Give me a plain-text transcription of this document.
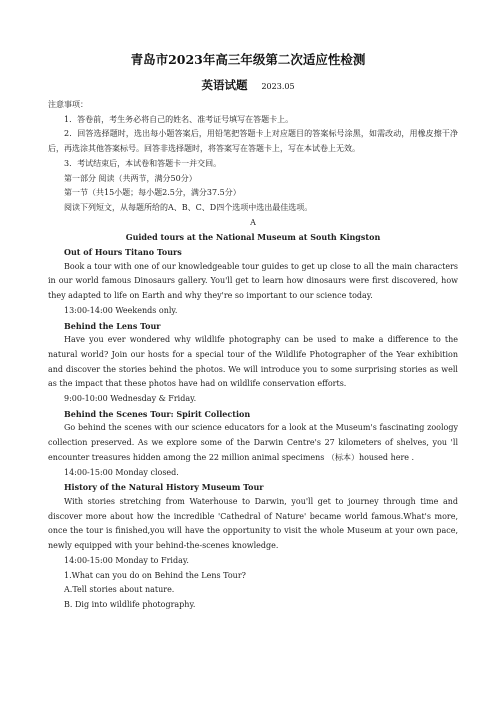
青岛市2023年高三年级第二次适应性检测
英语试题 2023.05

注意事项：

1．答卷前，考生务必将自己的姓名、准考证号填写在答题卡上。

2．回答选择题时，选出每小题答案后，用铅笔把答题卡上对应题目的答案标号涂黑，如需改动，用橡皮擦干净后，再选涂其他答案标号。回答非选择题时，将答案写在答题卡上，写在本试卷上无效。

3．考试结束后，本试卷和答题卡一并交回。

第一部分 阅读（共两节，满分50分）

第一节（共15小题；每小题2.5分，满分37.5分）

阅读下列短文，从每题所给的A、B、C、D四个选项中选出最佳选项。

A

Guided tours at the National Museum at South Kingston

Out of Hours Titano Tours

Book a tour with one of our knowledgeable tour guides to get up close to all the main characters in our world famous Dinosaurs gallery. You'll get to learn how dinosaurs were first discovered, how they adapted to life on Earth and why they're so important to our science today.

13:00-14:00 Weekends only.

Behind the Lens Tour

Have you ever wondered why wildlife photography can be used to make a difference to the natural world? Join our hosts for a special tour of the Wildlife Photographer of the Year exhibition and discover the stories behind the photos. We will introduce you to some surprising stories as well as the impact that these photos have had on wildlife conservation efforts.

9:00-10:00 Wednesday & Friday.

Behind the Scenes Tour: Spirit Collection

Go behind the scenes with our science educators for a look at the Museum's fascinating zoology collection preserved. As we explore some of the Darwin Centre's 27 kilometers of shelves, you 'll encounter treasures hidden among the 22 million animal specimens （标本）housed here .

14:00-15:00 Monday closed.

History of the Natural History Museum Tour

With stories stretching from Waterhouse to Darwin, you'll get to journey through time and discover more about how the incredible 'Cathedral of Nature' became world famous.What's more, once the tour is finished,you will have the opportunity to visit the whole Museum at your own pace, newly equipped with your behind-the-scenes knowledge.

14:00-15:00 Monday to Friday.

1.What can you do on Behind the Lens Tour?

A.Tell stories about nature.

B. Dig into wildlife photography.
